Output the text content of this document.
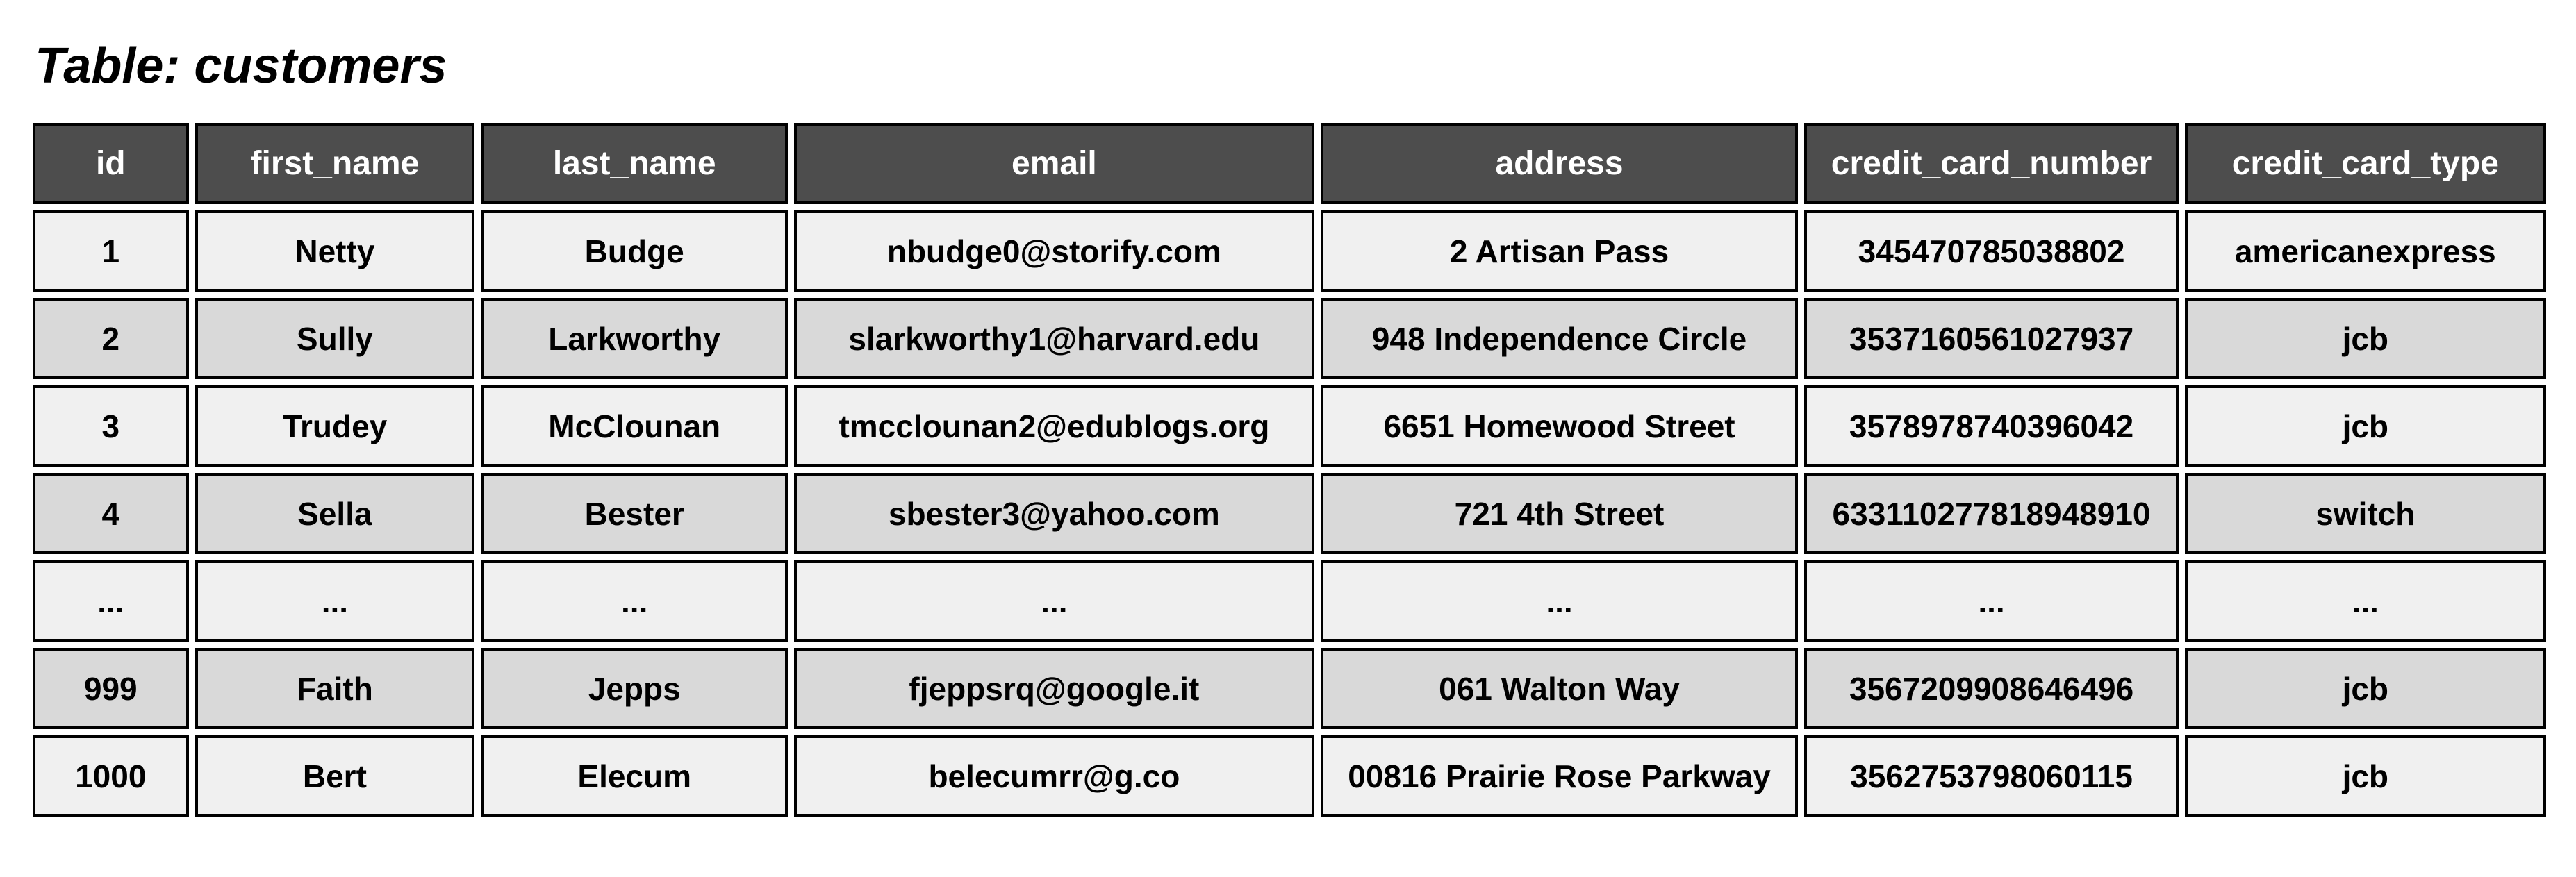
Table: customers
id	first_name	last_name	email	address	credit_card_number	credit_card_type
1	Netty	Budge	nbudge0@storify.com	2 Artisan Pass	345470785038802	americanexpress
2	Sully	Larkworthy	slarkworthy1@harvard.edu	948 Independence Circle	3537160561027937	jcb
3	Trudey	McClounan	tmcclounan2@edublogs.org	6651 Homewood Street	3578978740396042	jcb
4	Sella	Bester	sbester3@yahoo.com	721 4th Street	633110277818948910	switch
...	...	...	...	...	...	...
999	Faith	Jepps	fjeppsrq@google.it	061 Walton Way	3567209908646496	jcb
1000	Bert	Elecum	belecumrr@g.co	00816 Prairie Rose Parkway	3562753798060115	jcb
